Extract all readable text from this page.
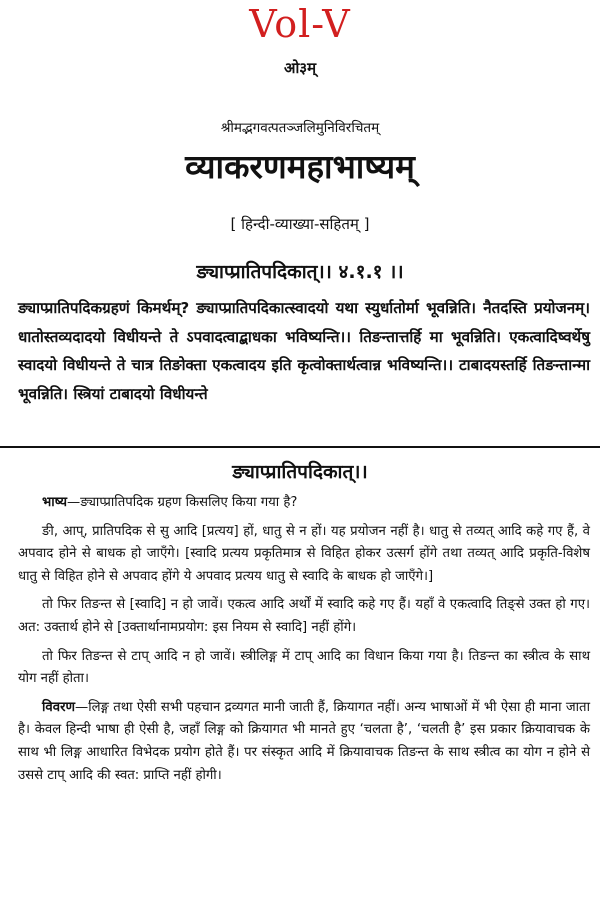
Vol-V
ओ३म्
श्रीमद्भगवत्पतञ्जलिमुनिविरचितम्
व्याकरणमहाभाष्यम्
[ हिन्दी-व्याख्या-सहितम् ]
ङ्याप्प्रातिपदिकात्।। ४.१.१ ।।
ङ्याप्प्रातिपदिकग्रहणं किमर्थम्? ङ्याप्प्रातिपदिकात्स्वादयो यथा स्युर्धातोर्मा भूवन्निति। नैतदस्ति प्रयोजनम्। धातोस्तव्यदादयो विधीयन्ते ते ऽपवादत्वाद्बाधका भविष्यन्ति।। तिङन्तात्तर्हि मा भूवन्निति। एकत्वादिष्वर्थेषु स्वादयो विधीयन्ते ते चात्र तिङोक्ता एकत्वादय इति कृत्वोक्तार्थत्वान्न भविष्यन्ति।। टाबादयस्तर्हि तिङन्तान्मा भूवन्निति। स्त्रियां टाबादयो विधीयन्ते
ङ्याप्प्रातिपदिकात्।।

भाष्य—ङ्याप्प्रातिपदिक ग्रहण किसलिए किया गया है?

ङी, आप्, प्रातिपदिक से सु आदि [प्रत्यय] हों, धातु से न हों। यह प्रयोजन नहीं है। धातु से तव्यत् आदि कहे गए हैं, वे अपवाद होने से बाधक हो जाएँगे। [स्वादि प्रत्यय प्रकृतिमात्र से विहित होकर उत्सर्ग होंगे तथा तव्यत् आदि प्रकृति-विशेष धातु से विहित होने से अपवाद होंगे ये अपवाद प्रत्यय धातु से स्वादि के बाधक हो जाएँगे।]

तो फिर तिङन्त से [स्वादि] न हो जावें। एकत्व आदि अर्थों में स्वादि कहे गए हैं। यहाँ वे एकत्वादि तिङ्से उक्त हो गए। अत: उक्तार्थ होने से [उक्तार्थानामप्रयोग: इस नियम से स्वादि] नहीं होंगे।

तो फिर तिङन्त से टाप् आदि न हो जावें। स्त्रीलिङ्ग में टाप् आदि का विधान किया गया है। तिङन्त का स्त्रीत्व के साथ योग नहीं होता।

विवरण—लिङ्ग तथा ऐसी सभी पहचान द्रव्यगत मानी जाती हैं, क्रियागत नहीं। अन्य भाषाओं में भी ऐसा ही माना जाता है। केवल हिन्दी भाषा ही ऐसी है, जहाँ लिङ्ग को क्रियागत भी मानते हुए ‘चलता है’, ‘चलती है’ इस प्रकार क्रियावाचक के साथ भी लिङ्ग आधारित विभेदक प्रयोग होते हैं। पर संस्कृत आदि में क्रियावाचक तिङन्त के साथ स्त्रीत्व का योग न होने से उससे टाप् आदि की स्वत: प्राप्ति नहीं होगी।
